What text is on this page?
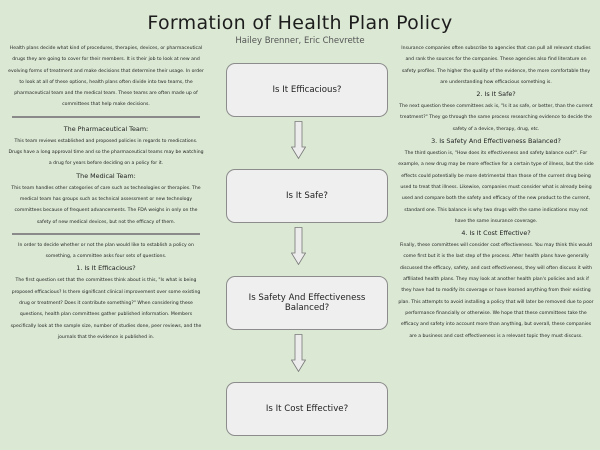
Formation of Health Plan Policy
Hailey Brenner, Eric Chevrette

Health plans decide what kind of procedures, therapies, devices, or pharmaceutical drugs they are going to cover for their members. It is their job to look at new and evolving forms of treatment and make decisions that determine their usage. In order to look at all of these options, health plans often divide into two teams, the pharmaceutical team and the medical team. These teams are often made up of committees that help make decisions.

The Pharmaceutical Team:

This team reviews established and proposed policies in regards to medications. Drugs have a long approval time and so the pharmaceutical teams may be watching a drug for years before deciding on a policy for it.

The Medical Team:

This team handles other categories of care such as technologies or therapies. The medical team has groups such as technical assessment or new technology committees because of frequent advancements. The FDA weighs in only on the safety of new medical devices, but not the efficacy of them.

In order to decide whether or not the plan would like to establish a policy on something, a committee asks four sets of questions.

1. Is It Efficacious?

The first question set that the committees think about is this, "Is what is being proposed efficacious? Is there significant clinical improvement over some existing drug or treatment? Does it contribute something?" When considering these questions, health plan committees gather published information. Members specifically look at the sample size, number of studies done, peer reviews, and the journals that the evidence is published in.

Is It Efficacious?
Is It Safe?
Is Safety And Effectiveness Balanced?
Is It Cost Effective?

Insurance companies often subscribe to agencies that can pull all relevant studies and rank the sources for the companies. These agencies also find literature on safety profiles. The higher the quality of the evidence, the more comfortable they are understanding how efficacious something is.

2. Is It Safe?

The next question these committees ask is, "Is it as safe, or better, than the current treatment?" They go through the same process researching evidence to decide the safety of a device, therapy, drug, etc.

3. Is Safety And Effectiveness Balanced?

The third question is, "How does its effectiveness and safety balance out?". For example, a new drug may be more effective for a certain type of illness, but the side effects could potentially be more detrimental than those of the current drug being used to treat that illness. Likewise, companies must consider what is already being used and compare both the safety and efficacy of the new product to the current, standard one. This balance is why two drugs with the same indications may not have the same insurance coverage.

4. Is It Cost Effective?

Finally, these committees will consider cost effectiveness. You may think this would come first but it is the last step of the process. After health plans have generally discussed the efficacy, safety, and cost effectiveness, they will often discuss it with affiliated health plans. They may look at another health plan's policies and ask if they have had to modify its coverage or have learned anything from their existing plan. This attempts to avoid installing a policy that will later be removed due to poor performance financially or otherwise. We hope that these committees take the efficacy and safety into account more than anything, but overall, these companies are a business and cost effectiveness is a relevant topic they must discuss.
